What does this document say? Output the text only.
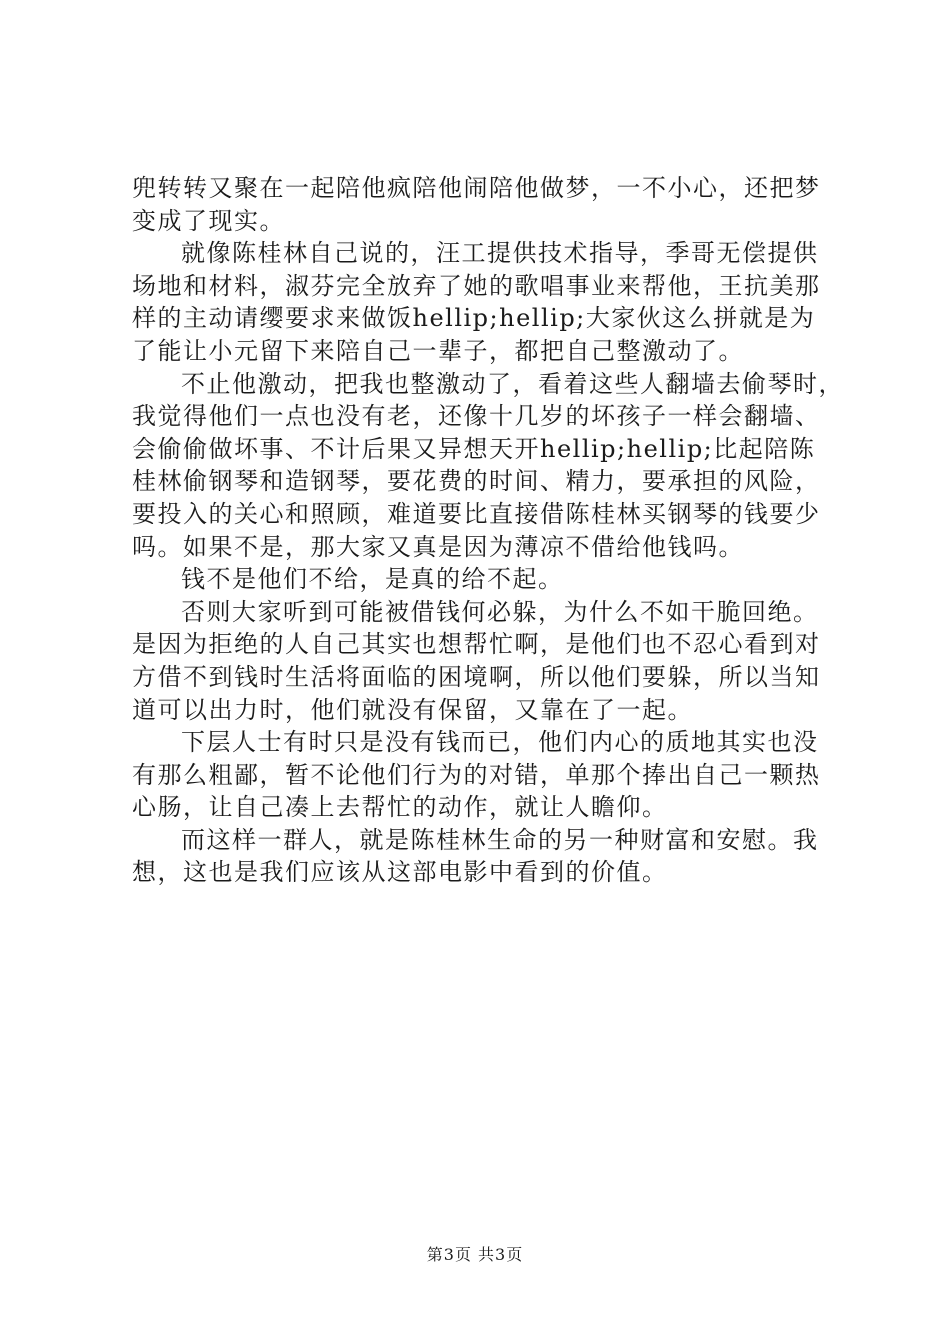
兜转转又聚在一起陪他疯陪他闹陪他做梦，一不小心，还把梦
变成了现实。
就像陈桂林自己说的，汪工提供技术指导，季哥无偿提供
场地和材料，淑芬完全放弃了她的歌唱事业来帮他，王抗美那
样的主动请缨要求来做饭hellip;hellip;大家伙这么拼就是为
了能让小元留下来陪自己一辈子，都把自己整激动了。
不止他激动，把我也整激动了，看着这些人翻墙去偷琴时，
我觉得他们一点也没有老，还像十几岁的坏孩子一样会翻墙、
会偷偷做坏事、不计后果又异想天开hellip;hellip;比起陪陈
桂林偷钢琴和造钢琴，要花费的时间、精力，要承担的风险，
要投入的关心和照顾，难道要比直接借陈桂林买钢琴的钱要少
吗。如果不是，那大家又真是因为薄凉不借给他钱吗。
钱不是他们不给，是真的给不起。
否则大家听到可能被借钱何必躲，为什么不如干脆回绝。
是因为拒绝的人自己其实也想帮忙啊，是他们也不忍心看到对
方借不到钱时生活将面临的困境啊，所以他们要躲，所以当知
道可以出力时，他们就没有保留，又靠在了一起。
下层人士有时只是没有钱而已，他们内心的质地其实也没
有那么粗鄙，暂不论他们行为的对错，单那个捧出自己一颗热
心肠，让自己凑上去帮忙的动作，就让人瞻仰。
而这样一群人，就是陈桂林生命的另一种财富和安慰。我
想，这也是我们应该从这部电影中看到的价值。
第3页 共3页
